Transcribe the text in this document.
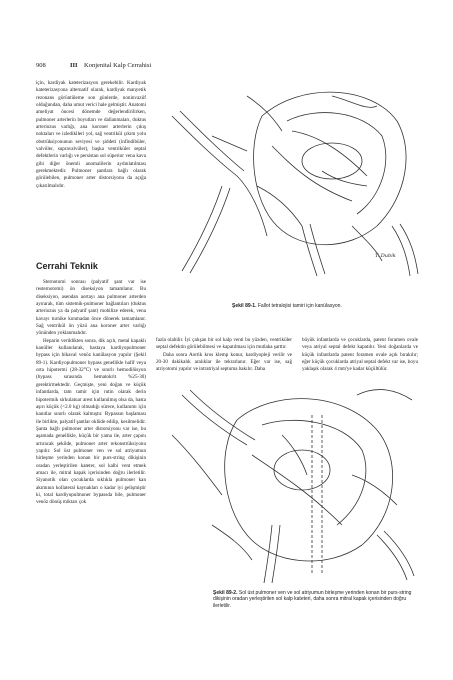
908	III Konjenital Kalp Cerrahisi

için, kardiyak kateterizasyon gerekebilir. Kardiyak kateterizasyona alternatif olarak, kardiyak manyetik rezonans görüntüleme son günlerde, noninvaziif olduğundan, daha umut verici hale gelmiştir. Anatomi ameliyat öncesi dönemde değerlendirilirken, pulmoner arterlerin boyutları ve dallanmaları, duktus arteriozus varlığı, ana koroner arterlerin çıkış noktaları ve izlediklleri yol, sağ ventrikül çıkım yolu obstrüksiyonunun seviyesi ve şiddeti (infindibüler, valvüler, supravalvüler), başka ventriküler septal defektlerin varlığı ve persistan sol süperior vena kava gibi diğer önemli anomalilerin aydınlatılması gerekmektedir. Pulmoner şantlara bağlı olarak görülebilen, pulmoner arter distorsiyonu da açığa çıkarılmalıdır.

Cerrahi Teknik

Sternotomi sonrası (palyatif şant var ise resternotomi) ön diseksiyon tamamlanır. Bu diseksiyon, asendan aortayı ana pulmoner arterden ayırarak, tüm sistemik-pulmoner bağlantıları (duktus arteriozus ya da palyatif şant) mobilize ederek, vena kavayı turnike konmadan önce dönerek tamamlanır. Sağ ventrikül ön yüzü ana koroner arter varlığı yönünden yoklanmalıdır.

Heparin verildikten sonra, dik açılı, metal kapaklı kanüller kullanılarak, hastaya kardiyopulmoner bypass için bikaval venöz kanülasyon yapılır (Şekil 89-1). Kardiyopulmoner bypass genellikle hafif veya orta hipotermi (28-32°C) ve sınırlı hemodilüsyon (bypass sırasında hematokrit %25-30) gerektirmektedir. Geçmişte, yeni doğan ve küçük infantlarda, tam tamir için rutin olarak derin hipotermik sirkulatuar arest kullanılmış olsa da, hasta aşırı küçük (<2.0 kg) olmadığı sürece, kullanımı için kanıtlar sınırlı olarak kalmıştır. Bypassın başlaması ile birlikte, palyatif şantlar oklüde edilip, kesilmelidir. Şanta bağlı pulmoner arter distorsiyonu var ise, bu aşamada genellikle, küçük bir yama ile, arter çapını artıracak şekilde, pulmoner arter rekonstrüksiyonu yapılır. Sol üst pulmoner ven ve sol atriyumun birleşme yerinden konan bir purs-string dikişinin oradan yerleştirilen kateter, sol kalbi vent etmek amacı ile, mitral kapak içerisinden doğru ilerletilir. Siyanotik olan çocuklarda sıklıkla pulmoner kan akımının kollateral kaynakları o kadar iyi gelişmiştir ki, total kardiyopulmoner bypassda bile, pulmoner venöz dönüş miktarı çok

T. Dubik
Şekil 89-1. Fallot tetralojisi tamiri için kanülasyon.

fazla olabilir. İyi çalışan bir sol kalp venti bu yüzden, ventriküler septal defektin görülebilmesi ve kapatılması için mutlaka şarttır.

Daha sonra Aortik kros klemp konur, kardiyopleji verilir ve 20-30 dakikalık aralıklar ile tekrarlanır. Eğer var ise, sağ atriyotomi yapılır ve intratriyal septuma bakılır. Daha

büyük infantlarda ve çocuklarda, patent foramen ovale veya atriyal septal defekt kapatılır. Yeni doğanlarda ve küçük infantlarda patent foramen ovale açık bırakılır; eğer küçük çocuklarda atriyal septal defekt var ise, boyu yaklaşık olarak 4 mm'ye kadar küçültülür.

Şekil 89-2. Sol üst pulmoner ven ve sol atriyumun birleşme yerinden konan bir purs-string dikişinin oradan yerleştirilen sol kalp kateteri, daha sonra mitral kapak içerisinden doğru ilerletilir.
